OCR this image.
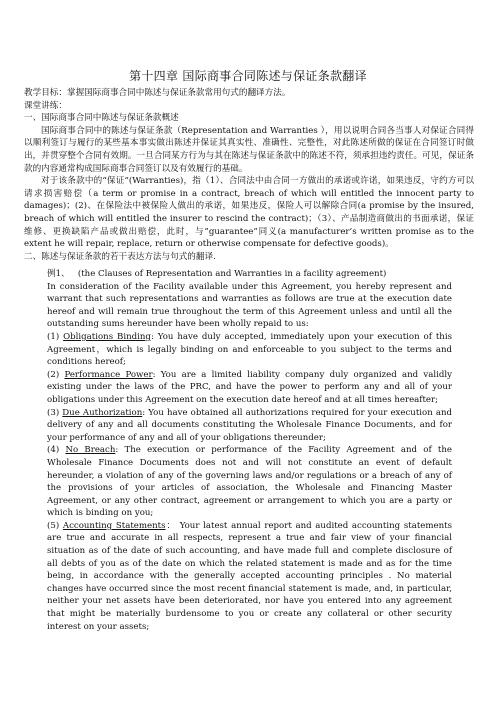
第十四章 国际商事合同陈述与保证条款翻译

教学目标：掌握国际商事合同中陈述与保证条款常用句式的翻译方法。

课堂讲练：

一、国际商事合同中陈述与保证条款概述

国际商事合同中的陈述与保证条款（Representation and Warranties ），用以说明合同各当事人对保证合同得以顺利签订与履行的某些基本事实做出陈述并保证其真实性、准确性、完整性，对此陈述所做的保证在合同签订时做出，并贯穿整个合同有效期。一旦合同某方行为与其在陈述与保证条款中的陈述不符，须承担违约责任。可见，保证条款的内容通常构成国际商事合同签订以及有效履行的基础。

对于该条款中的“保证”(Warranties)，指（1）、合同法中由合同一方做出的承诺或许诺，如果违反，守约方可以请求损害赔偿（a term or promise in a contract, breach of which will entitled the innocent party to damages)；(2)、在保险法中被保险人做出的承诺，如果违反，保险人可以解除合同(a promise by the insured, breach of which will entitled the insurer to rescind the contract)；（3）、产品制造商做出的书面承诺，保证维修、更换缺陷产品或做出赔偿，此时，与”guarantee”同义(a manufacturer’s written promise as to the extent he will repair, replace, return or otherwise compensate for defective goods)。

二、陈述与保证条款的若干表达方法与句式的翻译.

例1、 (the Clauses of Representation and Warranties in a facility agreement)

In consideration of the Facility available under this Agreement, you hereby represent and warrant that such representations and warranties as follows are true at the execution date hereof and will remain true throughout the term of this Agreement unless and until all the outstanding sums hereunder have been wholly repaid to us:

(1) Obligations Binding: You have duly accepted, immediately upon your execution of this Agreement，which is legally binding on and enforceable to you subject to the terms and conditions hereof;

(2) Performance Power: You are a limited liability company duly organized and validly existing under the laws of the PRC, and have the power to perform any and all of your obligations under this Agreement on the execution date hereof and at all times hereafter;

(3) Due Authorization: You have obtained all authorizations required for your execution and delivery of any and all documents constituting the Wholesale Finance Documents, and for your performance of any and all of your obligations thereunder;

(4) No Breach: The execution or performance of the Facility Agreement and of the Wholesale Finance Documents does not and will not constitute an event of default hereunder, a violation of any of the governing laws and/or regulations or a breach of any of the provisions of your articles of association, the Wholesale and Financing Master Agreement, or any other contract, agreement or arrangement to which you are a party or which is binding on you;

(5) Accounting Statements： Your latest annual report and audited accounting statements are true and accurate in all respects, represent a true and fair view of your financial situation as of the date of such accounting, and have made full and complete disclosure of all debts of you as of the date on which the related statement is made and as for the time being, in accordance with the generally accepted accounting principles . No material changes have occurred since the most recent financial statement is made, and, in particular, neither your net assets have been deteriorated, nor have you entered into any agreement that might be materially burdensome to you or create any collateral or other security interest on your assets;
